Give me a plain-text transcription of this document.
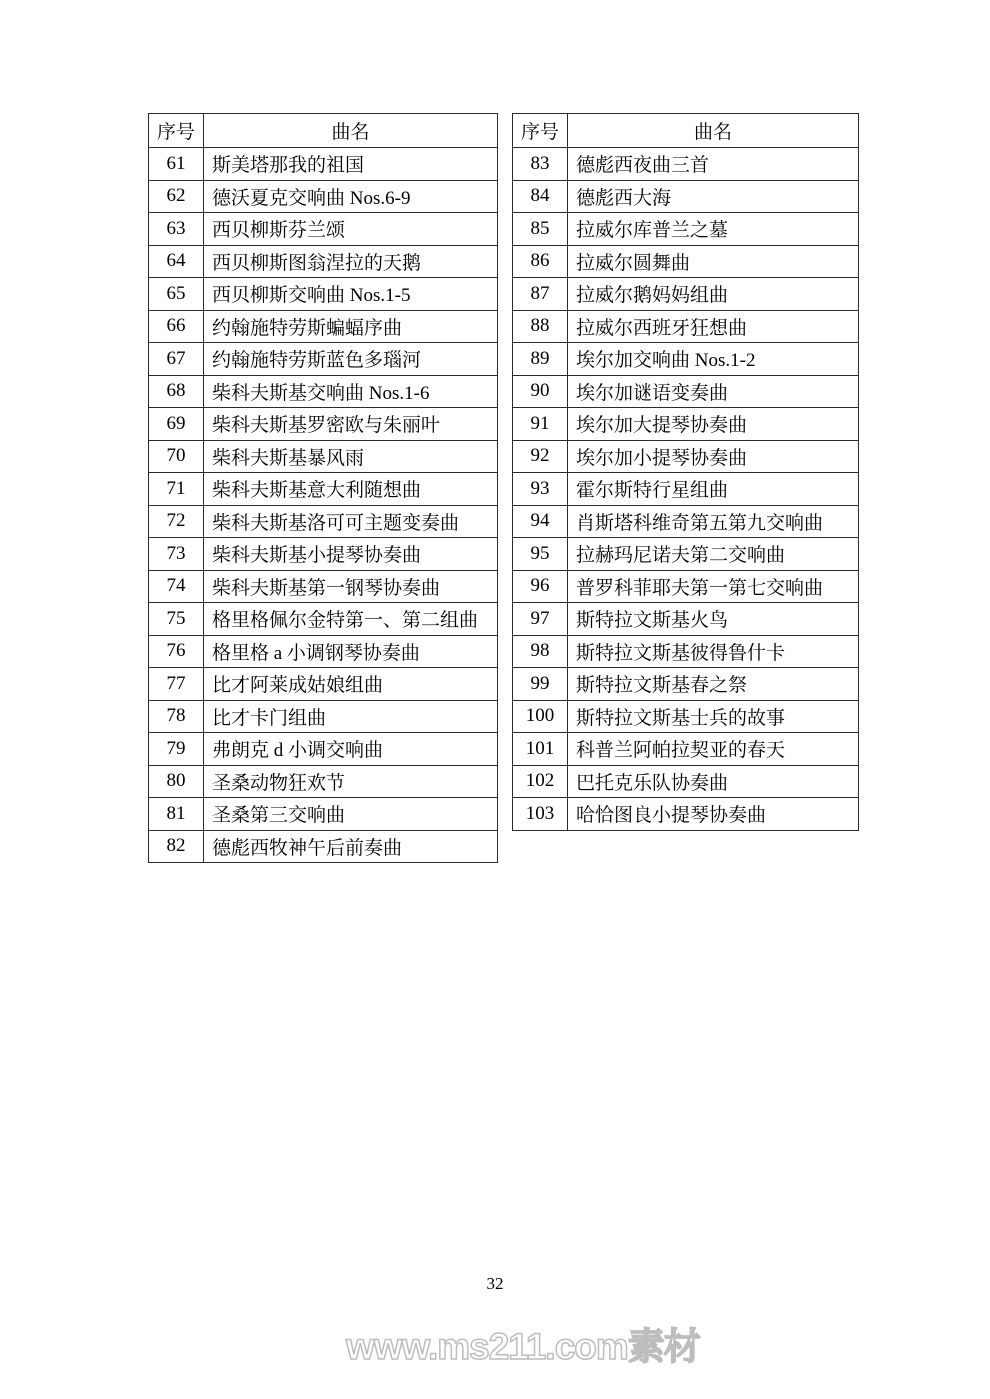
序号	曲名
61	斯美塔那我的祖国
62	德沃夏克交响曲 Nos.6-9
63	西贝柳斯芬兰颂
64	西贝柳斯图翁涅拉的天鹅
65	西贝柳斯交响曲 Nos.1-5
66	约翰施特劳斯蝙蝠序曲
67	约翰施特劳斯蓝色多瑙河
68	柴科夫斯基交响曲 Nos.1-6
69	柴科夫斯基罗密欧与朱丽叶
70	柴科夫斯基暴风雨
71	柴科夫斯基意大利随想曲
72	柴科夫斯基洛可可主题变奏曲
73	柴科夫斯基小提琴协奏曲
74	柴科夫斯基第一钢琴协奏曲
75	格里格佩尔金特第一、第二组曲
76	格里格 a 小调钢琴协奏曲
77	比才阿莱成姑娘组曲
78	比才卡门组曲
79	弗朗克 d 小调交响曲
80	圣桑动物狂欢节
81	圣桑第三交响曲
82	德彪西牧神午后前奏曲
序号	曲名
83	德彪西夜曲三首
84	德彪西大海
85	拉威尔库普兰之墓
86	拉威尔圆舞曲
87	拉威尔鹅妈妈组曲
88	拉威尔西班牙狂想曲
89	埃尔加交响曲 Nos.1-2
90	埃尔加谜语变奏曲
91	埃尔加大提琴协奏曲
92	埃尔加小提琴协奏曲
93	霍尔斯特行星组曲
94	肖斯塔科维奇第五第九交响曲
95	拉赫玛尼诺夫第二交响曲
96	普罗科菲耶夫第一第七交响曲
97	斯特拉文斯基火鸟
98	斯特拉文斯基彼得鲁什卡
99	斯特拉文斯基春之祭
100	斯特拉文斯基士兵的故事
101	科普兰阿帕拉契亚的春天
102	巴托克乐队协奏曲
103	哈恰图良小提琴协奏曲
32
www.ms211.com素材
